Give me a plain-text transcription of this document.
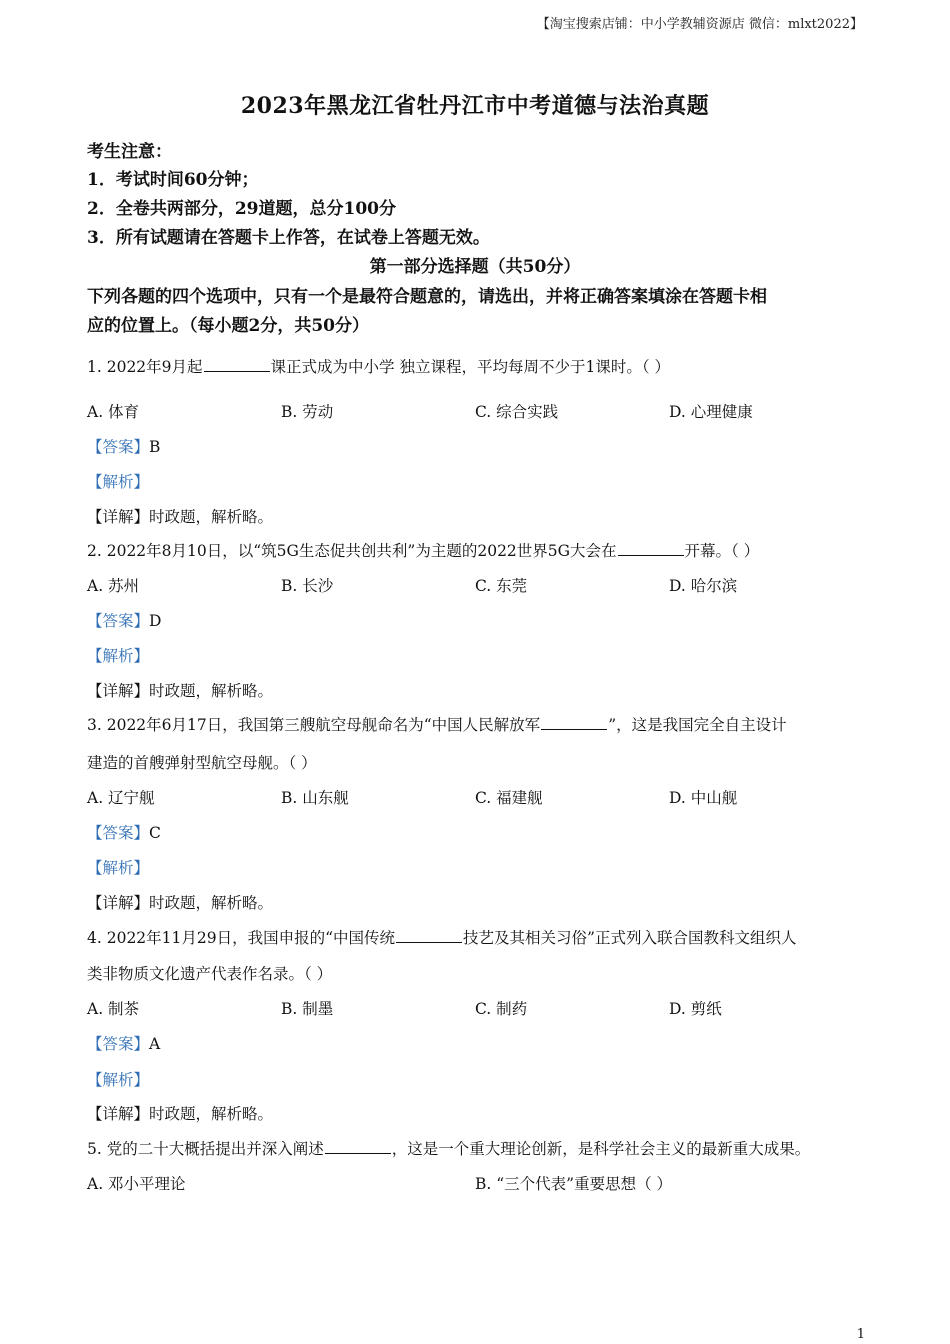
【淘宝搜索店铺：中小学教辅资源店 微信：mlxt2022】
2023年黑龙江省牡丹江市中考道德与法治真题
考生注意：
1．考试时间60分钟；
2．全卷共两部分，29道题，总分100分
3．所有试题请在答题卡上作答，在试卷上答题无效。
第一部分选择题（共50分）
下列各题的四个选项中，只有一个是最符合题意的，请选出，并将正确答案填涂在答题卡相
应的位置上。（每小题2分，共50分）
1. 2022年9月起	课正式成为中小学 独立课程，平均每周不少于1课时。（ ）
A. 体育	B. 劳动	C. 综合实践	D. 心理健康
【答案】B
【解析】
【详解】时政题，解析略。
2. 2022年8月10日，以“筑5G生态促共创共利”为主题的2022世界5G大会在	开幕。（ ）
A. 苏州	B. 长沙	C. 东莞	D. 哈尔滨
【答案】D
【解析】
【详解】时政题，解析略。
3. 2022年6月17日，我国第三艘航空母舰命名为“中国人民解放军	”，这是我国完全自主设计
建造的首艘弹射型航空母舰。（ ）
A. 辽宁舰	B. 山东舰	C. 福建舰	D. 中山舰
【答案】C
【解析】
【详解】时政题，解析略。
4. 2022年11月29日，我国申报的“中国传统	技艺及其相关习俗”正式列入联合国教科文组织人
类非物质文化遗产代表作名录。（ ）
A. 制茶	B. 制墨	C. 制药	D. 剪纸
【答案】A
【解析】
【详解】时政题，解析略。
5. 党的二十大概括提出并深入阐述	，这是一个重大理论创新，是科学社会主义的最新重大成果。
A. 邓小平理论	B. “三个代表”重要思想（ ）
1
